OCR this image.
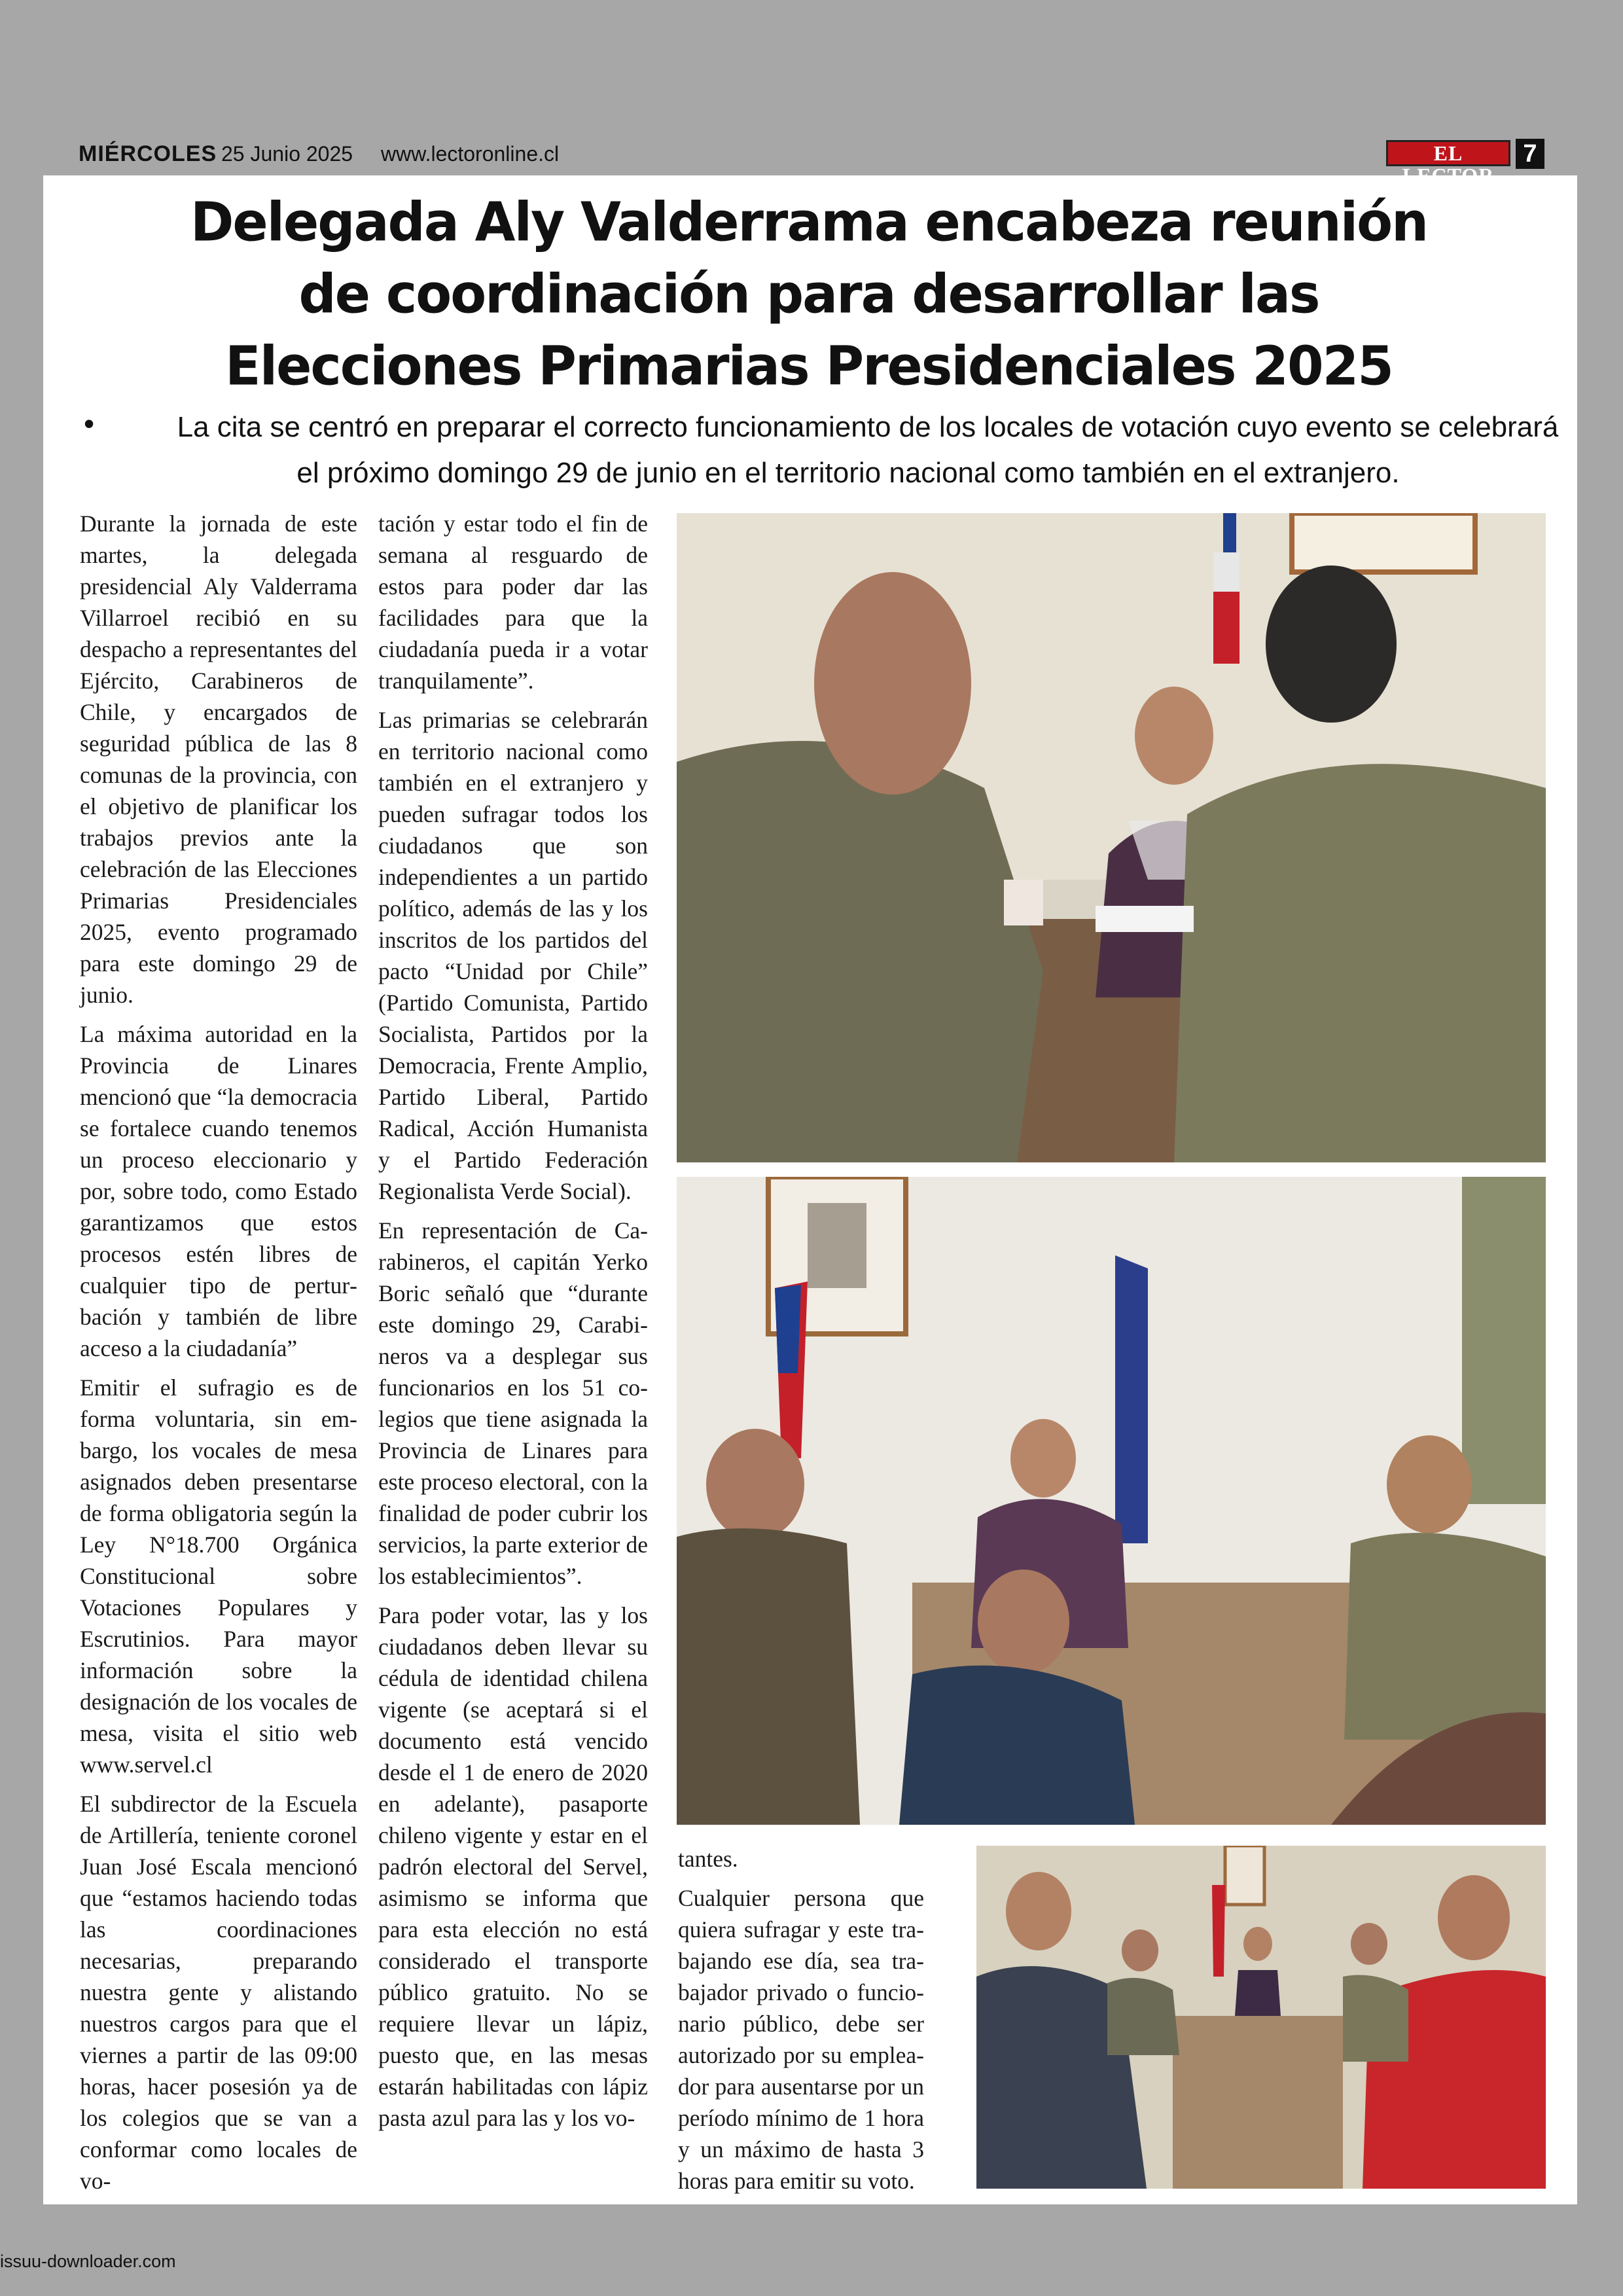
MIÉRCOLES 25 Junio 2025 www.lectoronline.cl	EL	7
Delegada Aly Valderrama encabeza reunión de coordinación para desarrollar las Elecciones Primarias Presidenciales 2025
•	La cita se centró en preparar el correcto funcionamiento de los locales de votación cuyo evento se celebrará el próximo domingo 29 de junio en el territorio nacional como también en el extranjero.

Durante la jornada de este martes, la delegada presidencial Aly Valderrama Villarroel recibió en su despacho a representantes del Ejército, Carabineros de Chile, y encargados de seguridad pública de las 8 comunas de la provincia, con el objetivo de planificar los trabajos previos ante la celebración de las Elecciones Primarias Presidenciales 2025, evento programado para este domingo 29 de junio.

La máxima autoridad en la Provincia de Linares mencionó que “la democracia se fortalece cuando tenemos un proceso eleccionario y por, sobre todo, como Estado garantizamos que estos procesos estén libres de cualquier tipo de perturbación y también de libre acceso a la ciudadanía”

Emitir el sufragio es de forma voluntaria, sin embargo, los vocales de mesa asignados deben presentarse de forma obligatoria según la Ley N°18.700 Orgánica Constitucional sobre Votaciones Populares y Escrutinios. Para mayor información sobre la designación de los vocales de mesa, visita el sitio web www.servel.cl

El subdirector de la Escuela de Artillería, teniente coronel Juan José Escala mencionó que “estamos haciendo todas las coordinaciones necesarias, preparando nuestra gente y alistando nuestros cargos para que el viernes a partir de las 09:00 horas, hacer posesión ya de los colegios que se van a conformar como locales de vo-

tación y estar todo el fin de semana al resguardo de estos para poder dar las facilidades para que la ciudadanía pueda ir a votar tranquilamente”.

Las primarias se celebrarán en territorio nacional como también en el extranjero y pueden sufragar todos los ciudadanos que son independientes a un partido político, además de las y los inscritos de los partidos del pacto “Unidad por Chile” (Partido Comunista, Partido Socialista, Partidos por la Democracia, Frente Amplio, Partido Liberal, Partido Radical, Acción Humanista y el Partido Federación Regionalista Verde Social).

En representación de Carabineros, el capitán Yerko Boric señaló que “durante este domingo 29, Carabineros va a desplegar sus funcionarios en los 51 colegios que tiene asignada la Provincia de Linares para este proceso electoral, con la finalidad de poder cubrir los servicios, la parte exterior de los establecimientos”.

Para poder votar, las y los ciudadanos deben llevar su cédula de identidad chilena vigente (se aceptará si el documento está vencido desde el 1 de enero de 2020 en adelante), pasaporte chileno vigente y estar en el padrón electoral del Servel, asimismo se informa que para esta elección no está considerado el transporte público gratuito. No se requiere llevar un lápiz, puesto que, en las mesas estarán habilitadas con lápiz pasta azul para las y los vo-

tantes.

Cualquier persona que quiera sufragar y este trabajando ese día, sea trabajador privado o funcionario público, debe ser autorizado por su empleador para ausentarse por un período mínimo de 1 hora y un máximo de hasta 3 horas para emitir su voto.

issuu-downloader.com
